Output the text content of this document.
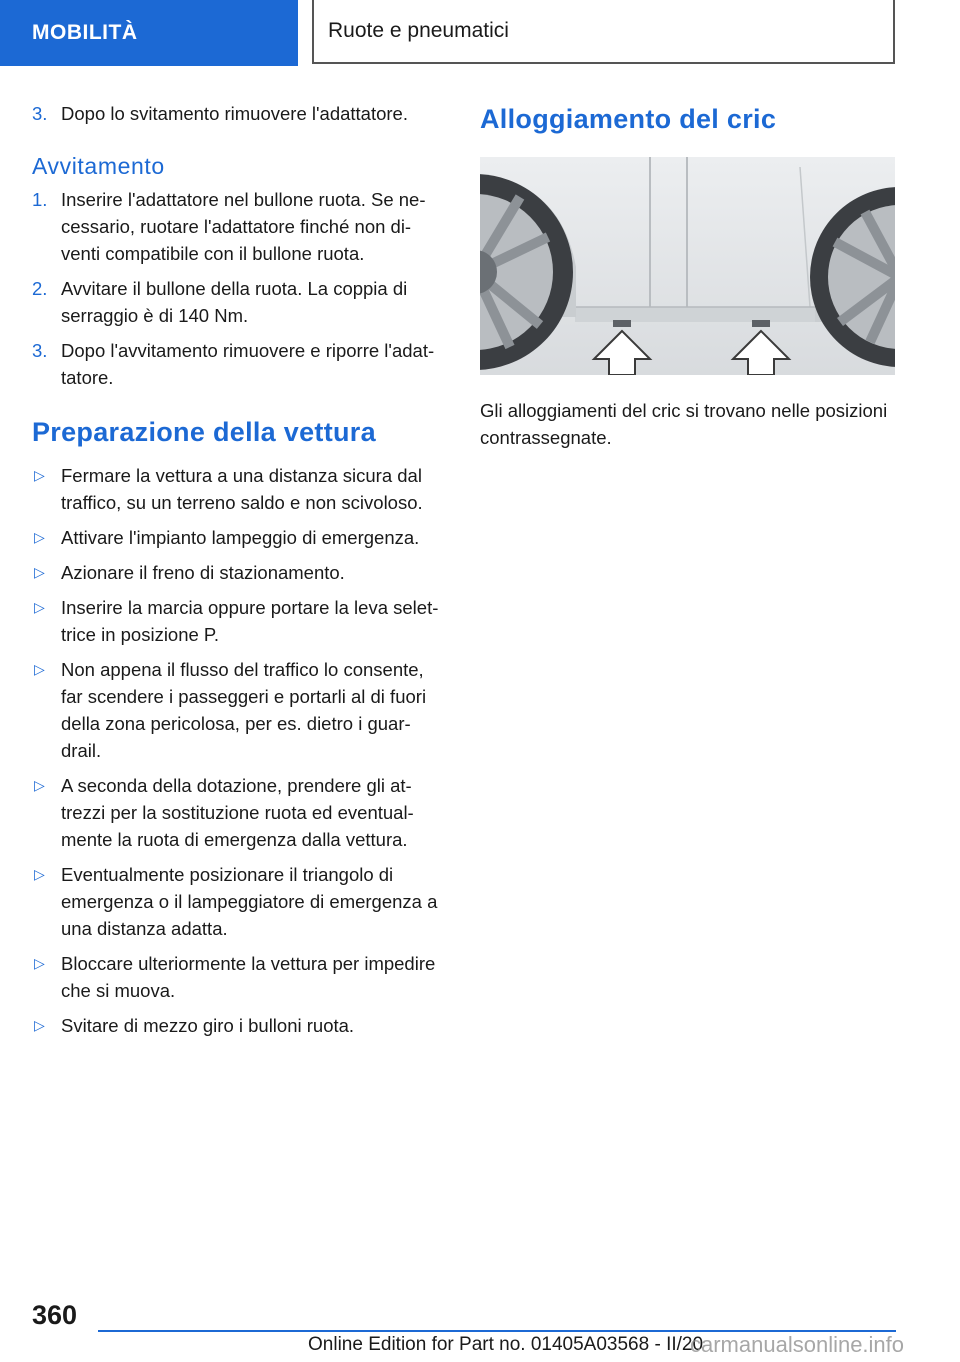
MOBILITÀ	Ruote e pneumatici
3. Dopo lo svitamento rimuovere l'adattatore.
Avvitamento
1. Inserire l'adattatore nel bullone ruota. Se ne-cessario, ruotare l'adattatore finché non di-venti compatibile con il bullone ruota.
2. Avvitare il bullone della ruota. La coppia di serraggio è di 140 Nm.
3. Dopo l'avvitamento rimuovere e riporre l'adat-tatore.
Preparazione della vettura
▷ Fermare la vettura a una distanza sicura dal traffico, su un terreno saldo e non scivoloso.
▷ Attivare l'impianto lampeggio di emergenza.
▷ Azionare il freno di stazionamento.
▷ Inserire la marcia oppure portare la leva selet-trice in posizione P.
▷ Non appena il flusso del traffico lo consente, far scendere i passeggeri e portarli al di fuori della zona pericolosa, per es. dietro i guar-drail.
▷ A seconda della dotazione, prendere gli at-trezzi per la sostituzione ruota ed eventual-mente la ruota di emergenza dalla vettura.
▷ Eventualmente posizionare il triangolo di emergenza o il lampeggiatore di emergenza a una distanza adatta.
▷ Bloccare ulteriormente la vettura per impedire che si muova.
▷ Svitare di mezzo giro i bulloni ruota.
Alloggiamento del cric
Gli alloggiamenti del cric si trovano nelle posizioni contrassegnate.
360
Online Edition for Part no. 01405A03568 - II/20
carmanualsonline.info
